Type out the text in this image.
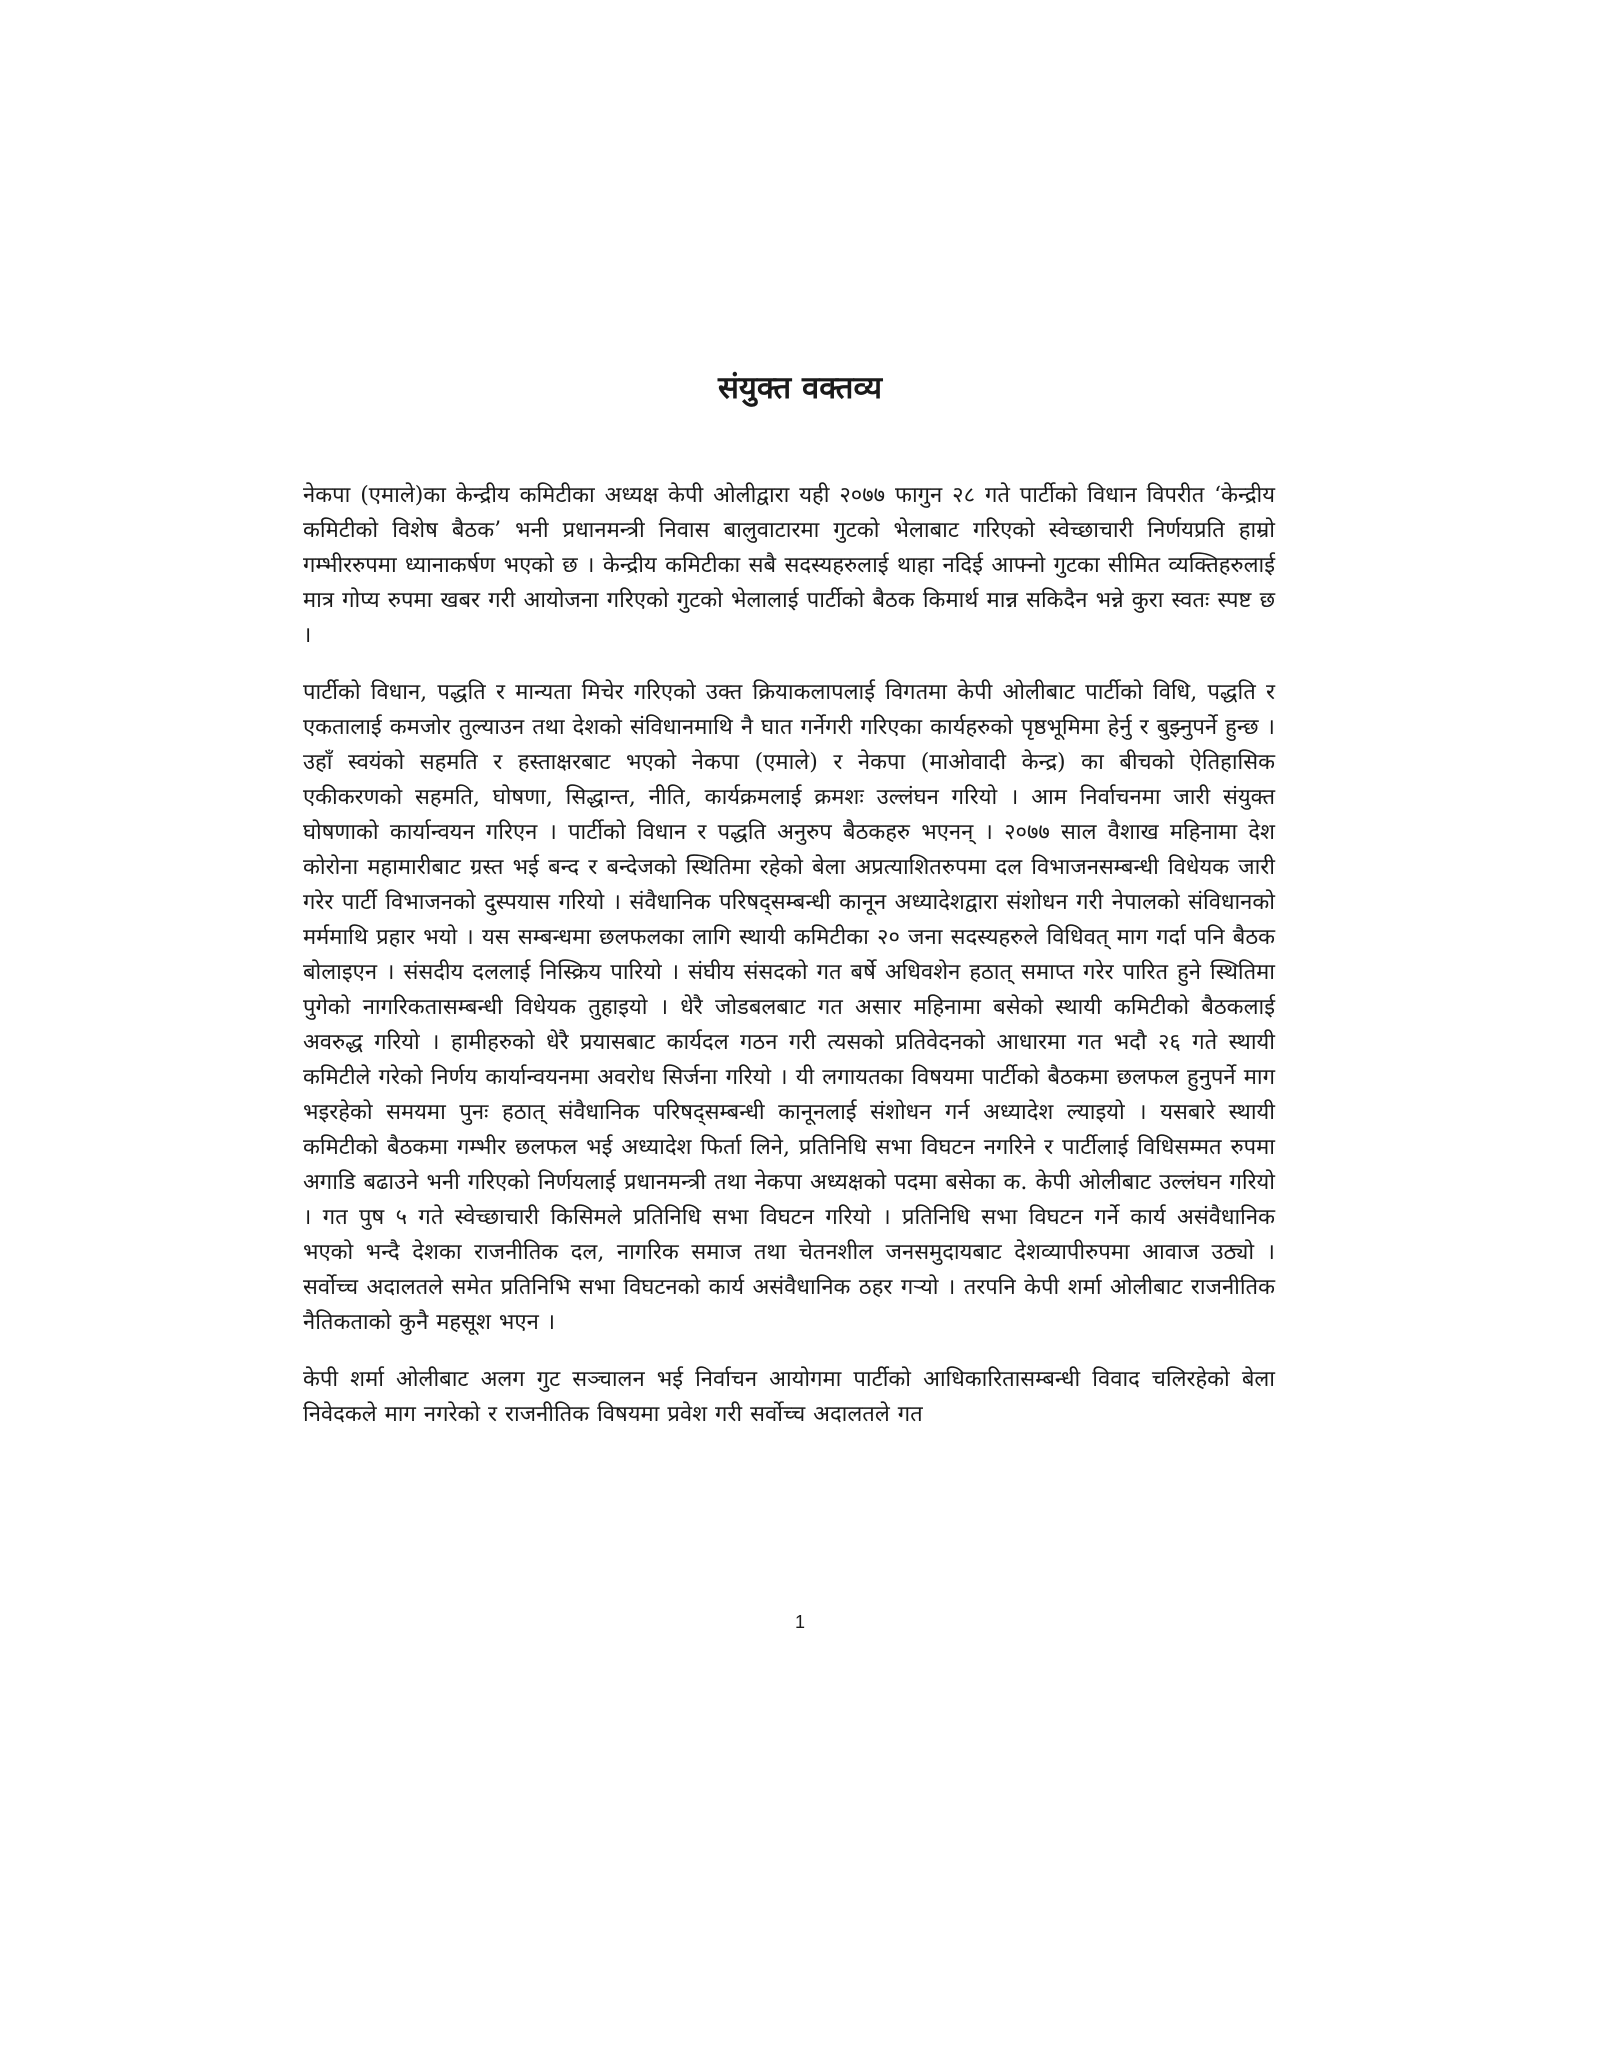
संयुक्त वक्तव्य

नेकपा (एमाले)का केन्द्रीय कमिटीका अध्यक्ष केपी ओलीद्वारा यही २०७७ फागुन २८ गते पार्टीको विधान विपरीत ‘केन्द्रीय कमिटीको विशेष बैठक’ भनी प्रधानमन्त्री निवास बालुवाटारमा गुटको भेलाबाट गरिएको स्वेच्छाचारी निर्णयप्रति हाम्रो गम्भीररुपमा ध्यानाकर्षण भएको छ । केन्द्रीय कमिटीका सबै सदस्यहरुलाई थाहा नदिई आफ्नो गुटका सीमित व्यक्तिहरुलाई मात्र गोप्य रुपमा खबर गरी आयोजना गरिएको गुटको भेलालाई पार्टीको बैठक किमार्थ मान्न सकिदैन भन्ने कुरा स्वतः स्पष्ट छ ।

पार्टीको विधान, पद्धति र मान्यता मिचेर गरिएको उक्त क्रियाकलापलाई विगतमा केपी ओलीबाट पार्टीको विधि, पद्धति र एकतालाई कमजोर तुल्याउन तथा देशको संविधानमाथि नै घात गर्नेगरी गरिएका कार्यहरुको पृष्ठभूमिमा हेर्नु र बुझ्नुपर्ने हुन्छ । उहाँ स्वयंको सहमति र हस्ताक्षरबाट भएको नेकपा (एमाले) र नेकपा (माओवादी केन्द्र) का बीचको ऐतिहासिक एकीकरणको सहमति, घोषणा, सिद्धान्त, नीति, कार्यक्रमलाई क्रमशः उल्लंघन गरियो । आम निर्वाचनमा जारी संयुक्त घोषणाको कार्यान्वयन गरिएन । पार्टीको विधान र पद्धति अनुरुप बैठकहरु भएनन् । २०७७ साल वैशाख महिनामा देश कोरोना महामारीबाट ग्रस्त भई बन्द र बन्देजको स्थितिमा रहेको बेला अप्रत्याशितरुपमा दल विभाजनसम्बन्धी विधेयक जारी गरेर पार्टी विभाजनको दुस्पयास गरियो । संवैधानिक परिषद्सम्बन्धी कानून अध्यादेशद्वारा संशोधन गरी नेपालको संविधानको मर्ममाथि प्रहार भयो । यस सम्बन्धमा छलफलका लागि स्थायी कमिटीका २० जना सदस्यहरुले विधिवत् माग गर्दा पनि बैठक बोलाइएन । संसदीय दललाई निस्क्रिय पारियो । संघीय संसदको गत बर्षे अधिवशेन हठात् समाप्त गरेर पारित हुने स्थितिमा पुगेको नागरिकतासम्बन्धी विधेयक तुहाइयो । धेरै जोडबलबाट गत असार महिनामा बसेको स्थायी कमिटीको बैठकलाई अवरुद्ध गरियो । हामीहरुको धेरै प्रयासबाट कार्यदल गठन गरी त्यसको प्रतिवेदनको आधारमा गत भदौ २६ गते स्थायी कमिटीले गरेको निर्णय कार्यान्वयनमा अवरोध सिर्जना गरियो । यी लगायतका विषयमा पार्टीको बैठकमा छलफल हुनुपर्ने माग भइरहेको समयमा पुनः हठात् संवैधानिक परिषद्सम्बन्धी कानूनलाई संशोधन गर्न अध्यादेश ल्याइयो । यसबारे स्थायी कमिटीको बैठकमा गम्भीर छलफल भई अध्यादेश फिर्ता लिने, प्रतिनिधि सभा विघटन नगरिने र पार्टीलाई विधिसम्मत रुपमा अगाडि बढाउने भनी गरिएको निर्णयलाई प्रधानमन्त्री तथा नेकपा अध्यक्षको पदमा बसेका क. केपी ओलीबाट उल्लंघन गरियो । गत पुष ५ गते स्वेच्छाचारी किसिमले प्रतिनिधि सभा विघटन गरियो । प्रतिनिधि सभा विघटन गर्ने कार्य असंवैधानिक भएको भन्दै देशका राजनीतिक दल, नागरिक समाज तथा चेतनशील जनसमुदायबाट देशव्यापीरुपमा आवाज उठ्यो । सर्वोच्च अदालतले समेत प्रतिनिभि सभा विघटनको कार्य असंवैधानिक ठहर गर्‍यो । तरपनि केपी शर्मा ओलीबाट राजनीतिक नैतिकताको कुनै महसूश भएन ।

केपी शर्मा ओलीबाट अलग गुट सञ्चालन भई निर्वाचन आयोगमा पार्टीको आधिकारितासम्बन्धी विवाद चलिरहेको बेला निवेदकले माग नगरेको र राजनीतिक विषयमा प्रवेश गरी सर्वोच्च अदालतले गत

1
